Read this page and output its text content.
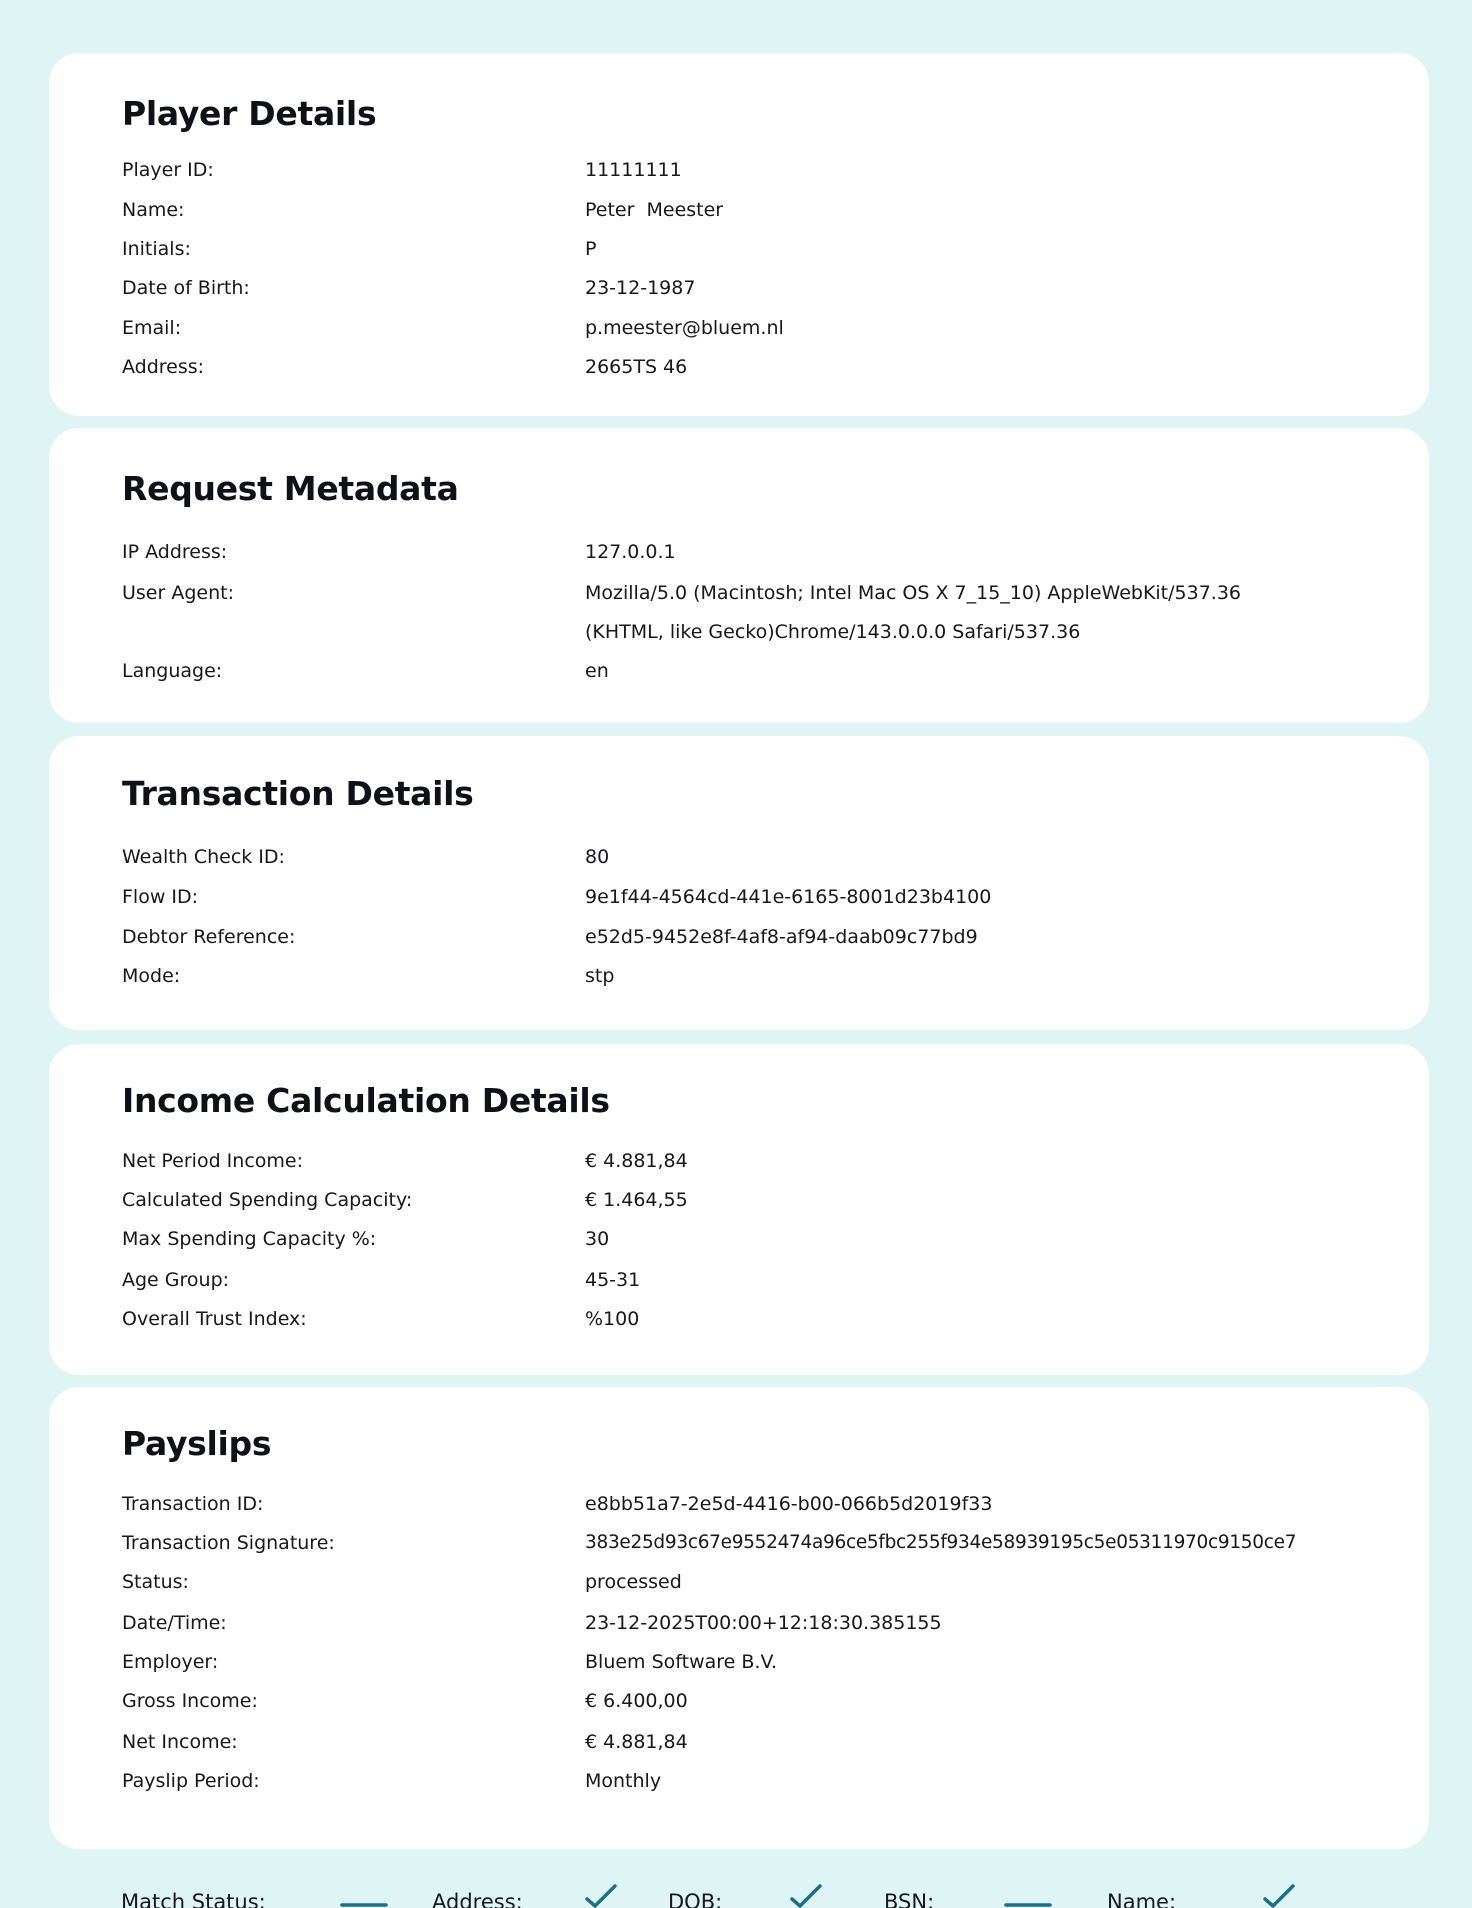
Player Details
Player ID:	11111111
Name:	Peter  Meester
Initials:	P
Date of Birth:	23-12-1987
Email:	p.meester@bluem.nl
Address:	2665TS 46
Request Metadata
IP Address:	127.0.0.1
User Agent:	Mozilla/5.0 (Macintosh; Intel Mac OS X 7_15_10) AppleWebKit/537.36 (KHTML, like Gecko)Chrome/143.0.0.0 Safari/537.36
Language:	en
Transaction Details
Wealth Check ID:	80
Flow ID:	9e1f44-4564cd-441e-6165-8001d23b4100
Debtor Reference:	e52d5-9452e8f-4af8-af94-daab09c77bd9
Mode:	stp
Income Calculation Details
Net Period Income:	€ 4.881,84
Calculated Spending Capacity:	€ 1.464,55
Max Spending Capacity %:	30
Age Group:	45-31
Overall Trust Index:	%100
Payslips
Transaction ID:	e8bb51a7-2e5d-4416-b00-066b5d2019f33
Transaction Signature:	383e25d93c67e9552474a96ce5fbc255f934e58939195c5e05311970c9150ce7
Status:	processed
Date/Time:	23-12-2025T00:00+12:18:30.385155
Employer:	Bluem Software B.V.
Gross Income:	€ 6.400,00
Net Income:	€ 4.881,84
Payslip Period:	Monthly
Match Status:	Address:	DOB:	BSN:	Name:
